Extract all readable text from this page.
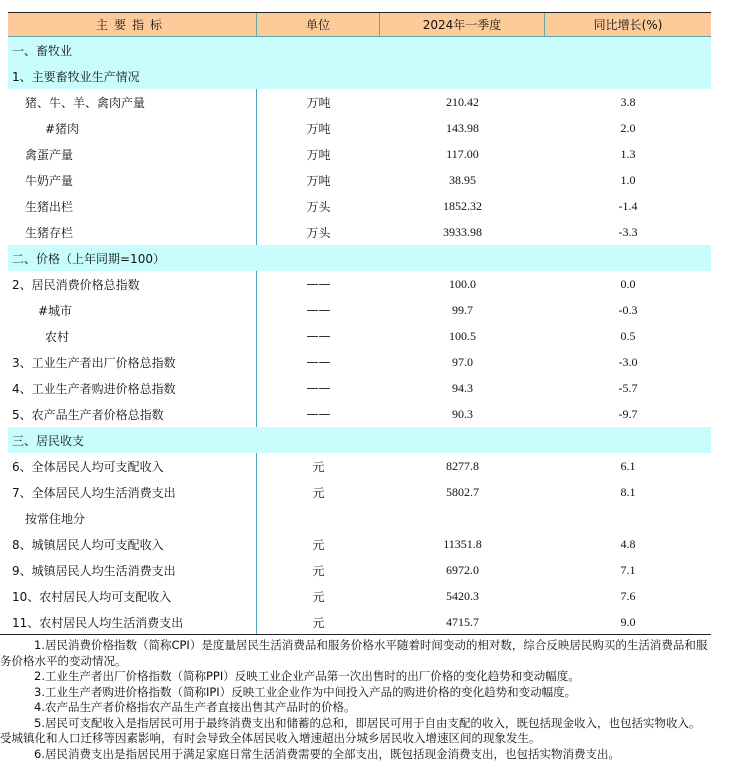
主要指标	单位	2024年一季度	同比增长(%)
一、畜牧业
1、主要畜牧业生产情况
猪、牛、羊、禽肉产量	万吨	210.42	3.8
#猪肉	万吨	143.98	2.0
禽蛋产量	万吨	117.00	1.3
牛奶产量	万吨	38.95	1.0
生猪出栏	万头	1852.32	-1.4
生猪存栏	万头	3933.98	-3.3
二、价格（上年同期=100）
2、居民消费价格总指数	——	100.0	0.0
#城市	——	99.7	-0.3
农村	——	100.5	0.5
3、工业生产者出厂价格总指数	——	97.0	-3.0
4、工业生产者购进价格总指数	——	94.3	-5.7
5、农产品生产者价格总指数	——	90.3	-9.7
三、居民收支
6、全体居民人均可支配收入	元	8277.8	6.1
7、全体居民人均生活消费支出	元	5802.7	8.1
按常住地分
8、城镇居民人均可支配收入	元	11351.8	4.8
9、城镇居民人均生活消费支出	元	6972.0	7.1
10、农村居民人均可支配收入	元	5420.3	7.6
11、农村居民人均生活消费支出	元	4715.7	9.0

1.居民消费价格指数（简称CPI）是度量居民生活消费品和服务价格水平随着时间变动的相对数，综合反映居民购买的生活消费品和服务价格水平的变动情况。

2.工业生产者出厂价格指数（简称PPI）反映工业企业产品第一次出售时的出厂价格的变化趋势和变动幅度。

3.工业生产者购进价格指数（简称IPI）反映工业企业作为中间投入产品的购进价格的变化趋势和变动幅度。

4.农产品生产者价格指农产品生产者直接出售其产品时的价格。

5.居民可支配收入是指居民可用于最终消费支出和储蓄的总和，即居民可用于自由支配的收入，既包括现金收入，也包括实物收入。受城镇化和人口迁移等因素影响，有时会导致全体居民收入增速超出分城乡居民收入增速区间的现象发生。

6.居民消费支出是指居民用于满足家庭日常生活消费需要的全部支出，既包括现金消费支出，也包括实物消费支出。
